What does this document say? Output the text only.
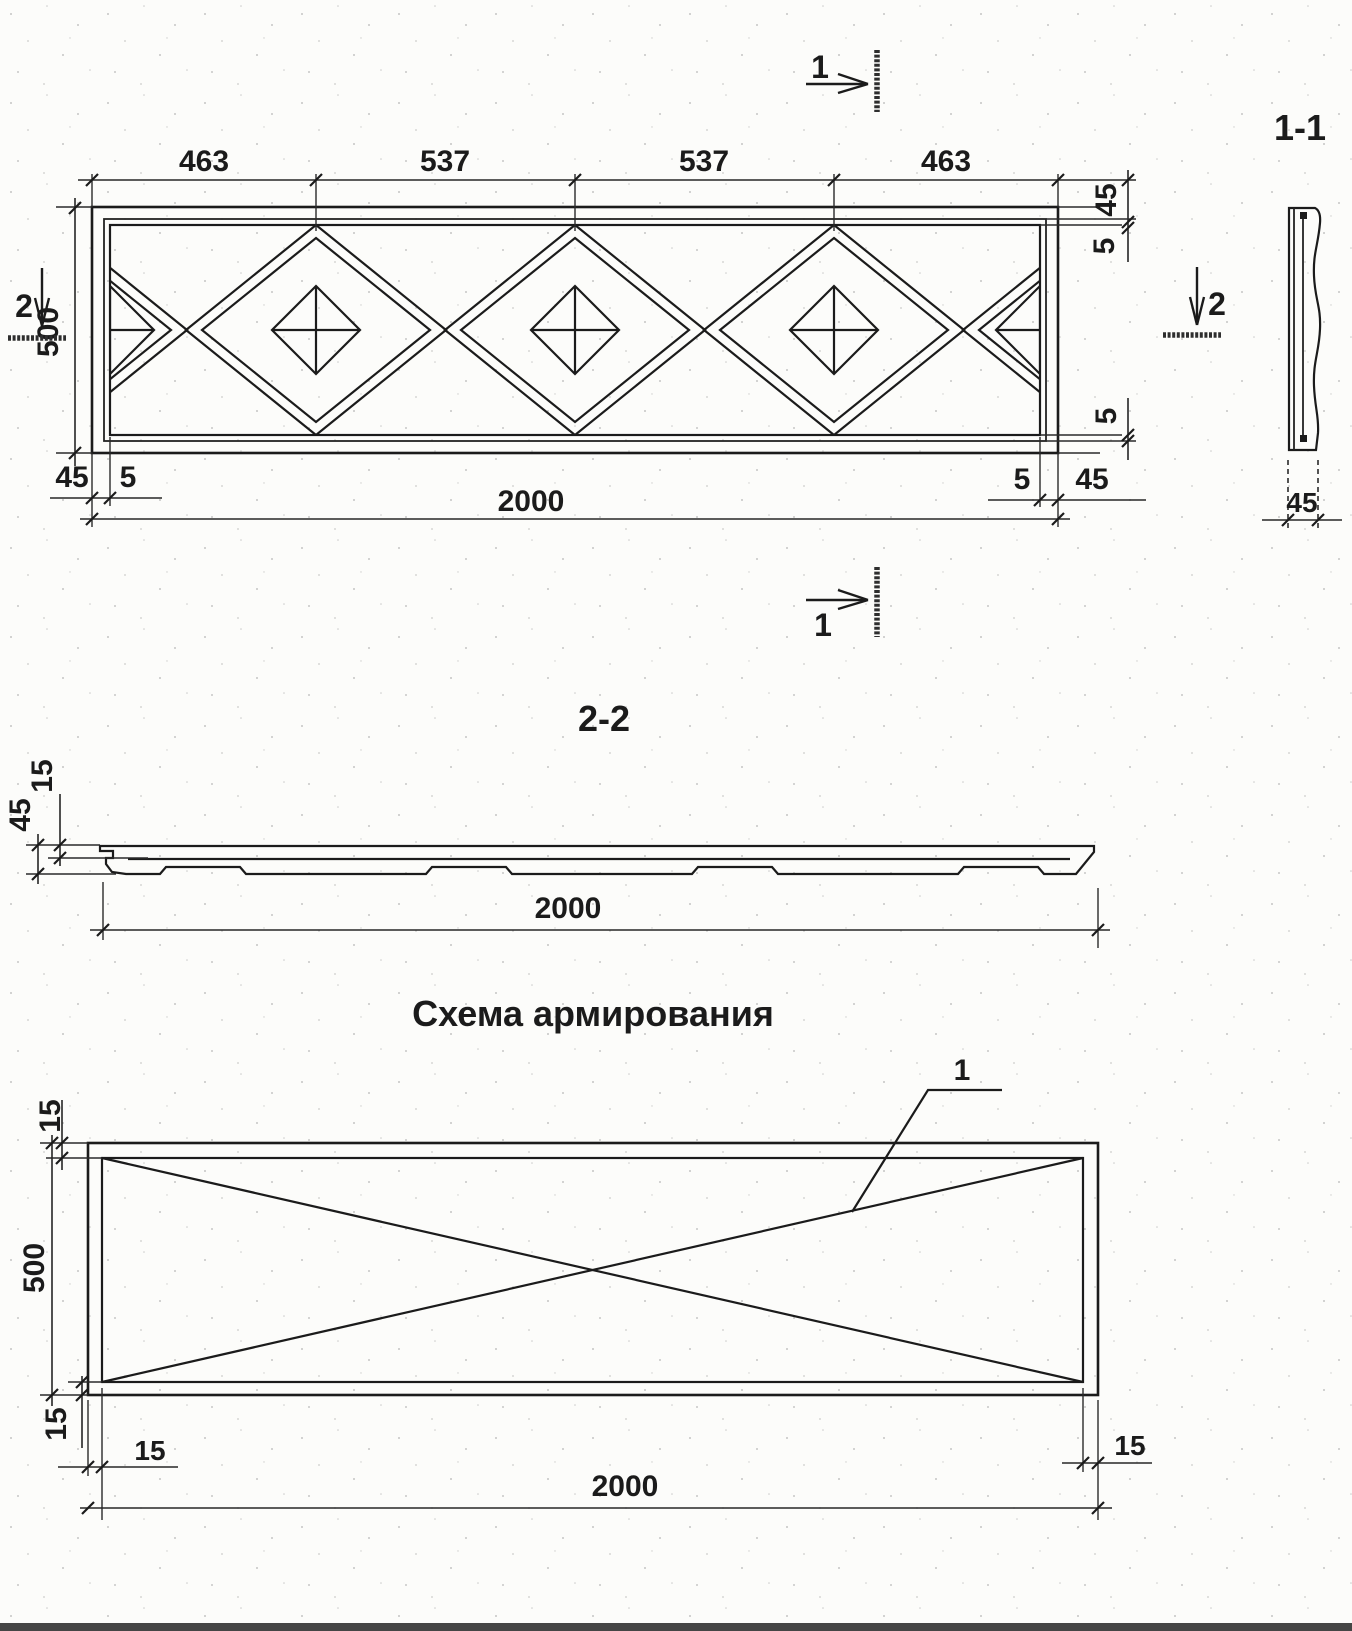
463	537	537	463
500
45 5
2000
5 45
45
5
5
1
1
2	2
1-1
45
2-2
15
45
2000
Схема армирования
1
15
500
15
15	15
2000
